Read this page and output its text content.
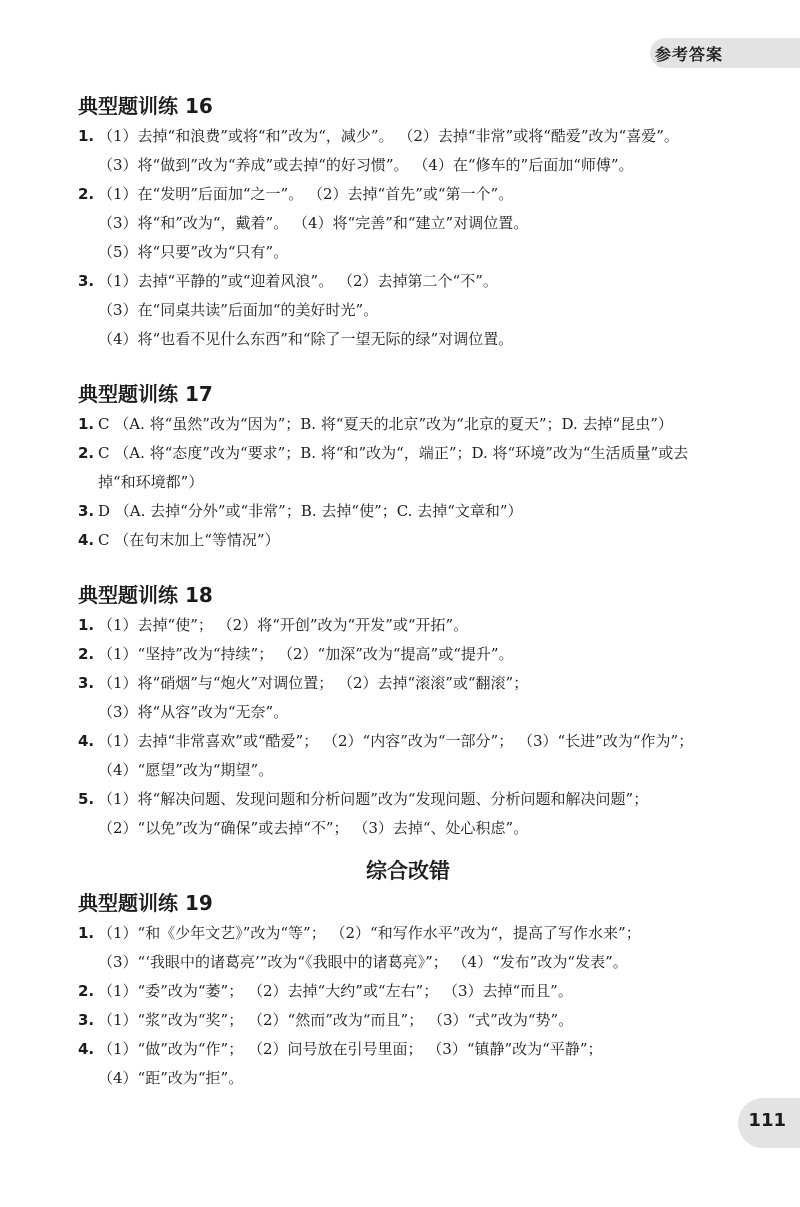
参考答案
典型题训练 16
1. （1）去掉“和浪费”或将“和”改为“，减少”。 （2）去掉“非常”或将“酷爱”改为“喜爱”。
（3）将“做到”改为“养成”或去掉“的好习惯”。 （4）在“修车的”后面加“师傅”。
2. （1）在“发明”后面加“之一”。 （2）去掉“首先”或“第一个”。
（3）将“和”改为“，戴着”。 （4）将“完善”和“建立”对调位置。
（5）将“只要”改为“只有”。
3. （1）去掉“平静的”或“迎着风浪”。 （2）去掉第二个“不”。
（3）在“同桌共读”后面加“的美好时光”。
（4）将“也看不见什么东西”和“除了一望无际的绿”对调位置。
典型题训练 17
1. C （A. 将“虽然”改为“因为”；B. 将“夏天的北京”改为“北京的夏天”；D. 去掉“昆虫”）
2. C （A. 将“态度”改为“要求”；B. 将“和”改为“，端正”；D. 将“环境”改为“生活质量”或去
掉“和环境都”）
3. D （A. 去掉“分外”或“非常”；B. 去掉“使”；C. 去掉“文章和”）
4. C （在句末加上“等情况”）
典型题训练 18
1. （1）去掉“使”； （2）将“开创”改为“开发”或“开拓”。
2. （1）“坚持”改为“持续”； （2）“加深”改为“提高”或“提升”。
3. （1）将“硝烟”与“炮火”对调位置； （2）去掉“滚滚”或“翻滚”；
（3）将“从容”改为“无奈”。
4. （1）去掉“非常喜欢”或“酷爱”； （2）“内容”改为“一部分”； （3）“长进”改为“作为”；
（4）“愿望”改为“期望”。
5. （1）将“解决问题、发现问题和分析问题”改为“发现问题、分析问题和解决问题”；
（2）“以免”改为“确保”或去掉“不”； （3）去掉“、处心积虑”。
综合改错
典型题训练 19
1. （1）“和《少年文艺》”改为“等”； （2）“和写作水平”改为“，提高了写作水来”；
（3）“‘我眼中的诸葛亮’”改为“《我眼中的诸葛亮》”； （4）“发布”改为“发表”。
2. （1）“委”改为“萎”； （2）去掉“大约”或“左右”； （3）去掉“而且”。
3. （1）“浆”改为“奖”； （2）“然而”改为“而且”； （3）“式”改为“势”。
4. （1）“做”改为“作”； （2）问号放在引号里面； （3）“镇静”改为“平静”；
（4）“距”改为“拒”。
111
